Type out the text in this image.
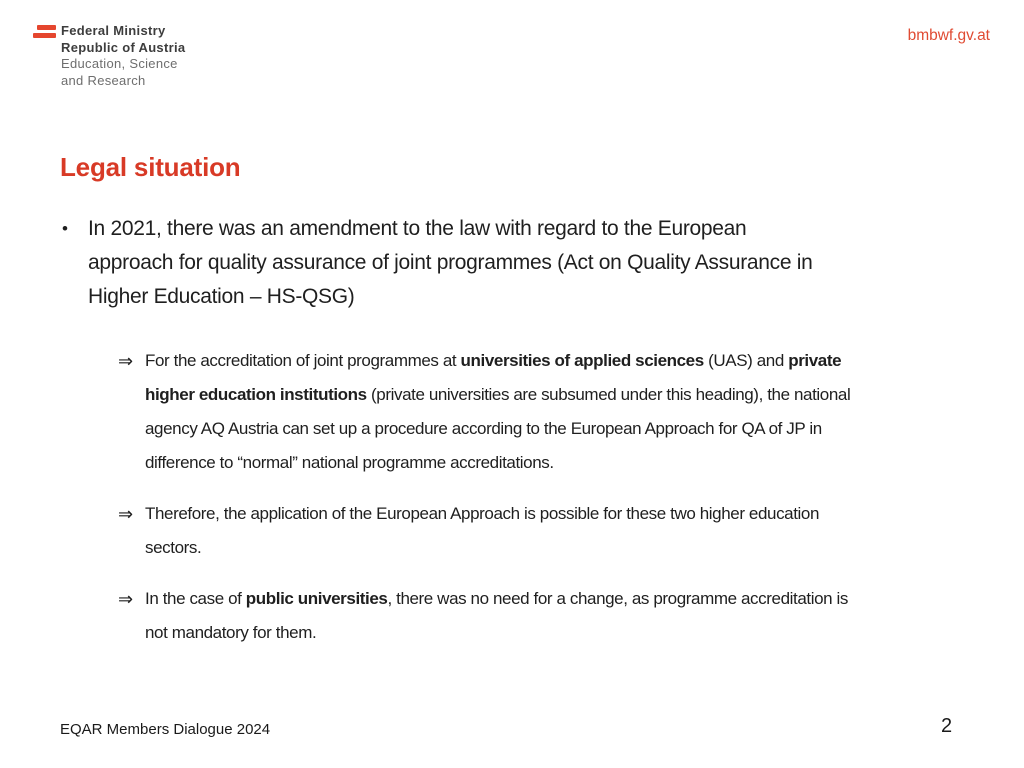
Federal Ministry
Republic of Austria
Education, Science
and Research
bmbwf.gv.at
Legal situation
• In 2021, there was an amendment to the law with regard to the European
approach for quality assurance of joint programmes (Act on Quality Assurance in
Higher Education – HS-QSG)
⇒ For the accreditation of joint programmes at universities of applied sciences (UAS) and private
higher education institutions (private universities are subsumed under this heading), the national
agency AQ Austria can set up a procedure according to the European Approach for QA of JP in
difference to “normal” national programme accreditations.
⇒ Therefore, the application of the European Approach is possible for these two higher education
sectors.
⇒ In the case of public universities, there was no need for a change, as programme accreditation is
not mandatory for them.
EQAR Members Dialogue 2024	2
